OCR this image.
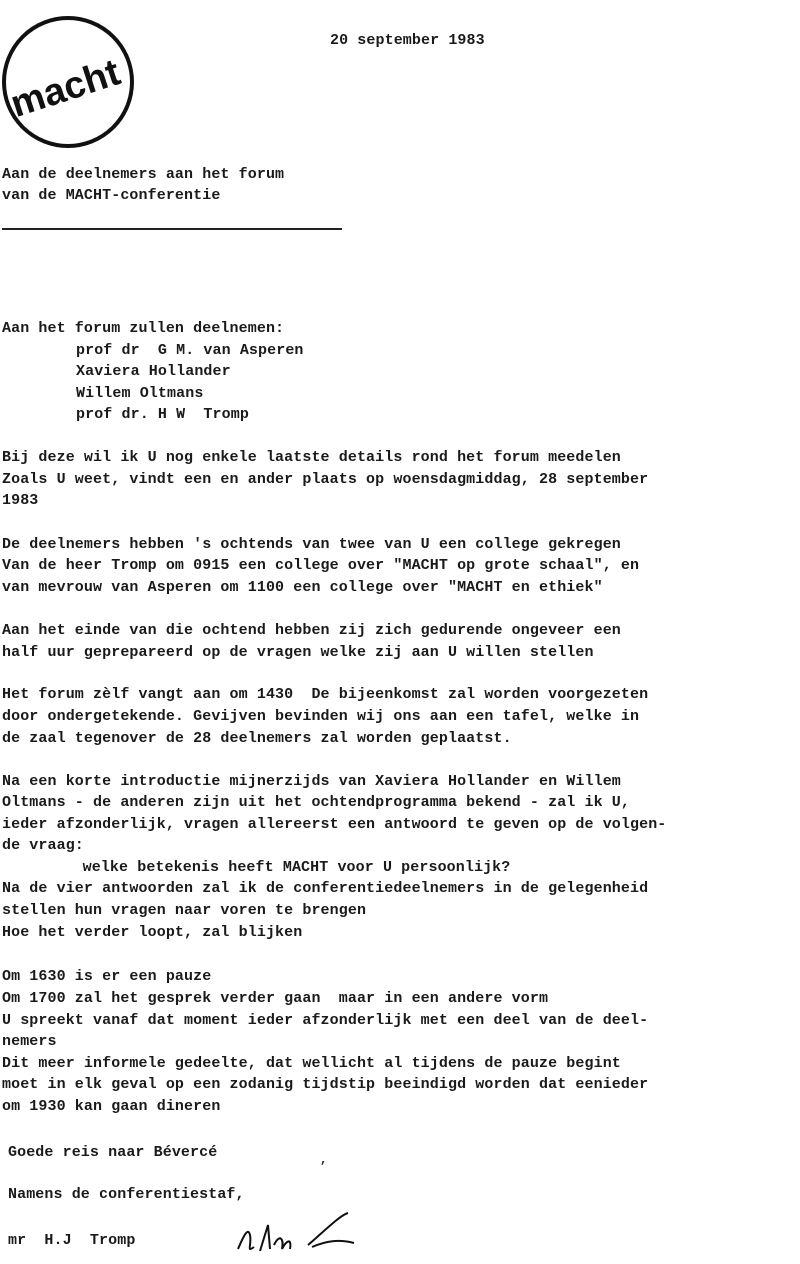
macht
20 september 1983
Aan de deelnemers aan het forum
van de MACHT-conferentie
Aan het forum zullen deelnemen:
prof dr  G M. van Asperen
Xaviera Hollander
Willem Oltmans
prof dr. H W  Tromp
Bij deze wil ik U nog enkele laatste details rond het forum meedelen
Zoals U weet, vindt een en ander plaats op woensdagmiddag, 28 september
1983
De deelnemers hebben 's ochtends van twee van U een college gekregen
Van de heer Tromp om 0915 een college over "MACHT op grote schaal", en
van mevrouw van Asperen om 1100 een college over "MACHT en ethiek"
Aan het einde van die ochtend hebben zij zich gedurende ongeveer een
half uur geprepareerd op de vragen welke zij aan U willen stellen
Het forum zèlf vangt aan om 1430  De bijeenkomst zal worden voorgezeten
door ondergetekende. Gevijven bevinden wij ons aan een tafel, welke in
de zaal tegenover de 28 deelnemers zal worden geplaatst.
Na een korte introductie mijnerzijds van Xaviera Hollander en Willem
Oltmans - de anderen zijn uit het ochtendprogramma bekend - zal ik U,
ieder afzonderlijk, vragen allereerst een antwoord te geven op de volgen-
de vraag:
welke betekenis heeft MACHT voor U persoonlijk?
Na de vier antwoorden zal ik de conferentiedeelnemers in de gelegenheid
stellen hun vragen naar voren te brengen
Hoe het verder loopt, zal blijken
Om 1630 is er een pauze
Om 1700 zal het gesprek verder gaan  maar in een andere vorm
U spreekt vanaf dat moment ieder afzonderlijk met een deel van de deel-
nemers
Dit meer informele gedeelte, dat wellicht al tijdens de pauze begint
moet in elk geval op een zodanig tijdstip beeindigd worden dat eenieder
om 1930 kan gaan dineren
Goede reis naar Bévercé
Namens de conferentiestaf,
mr  H.J  Tromp
,
